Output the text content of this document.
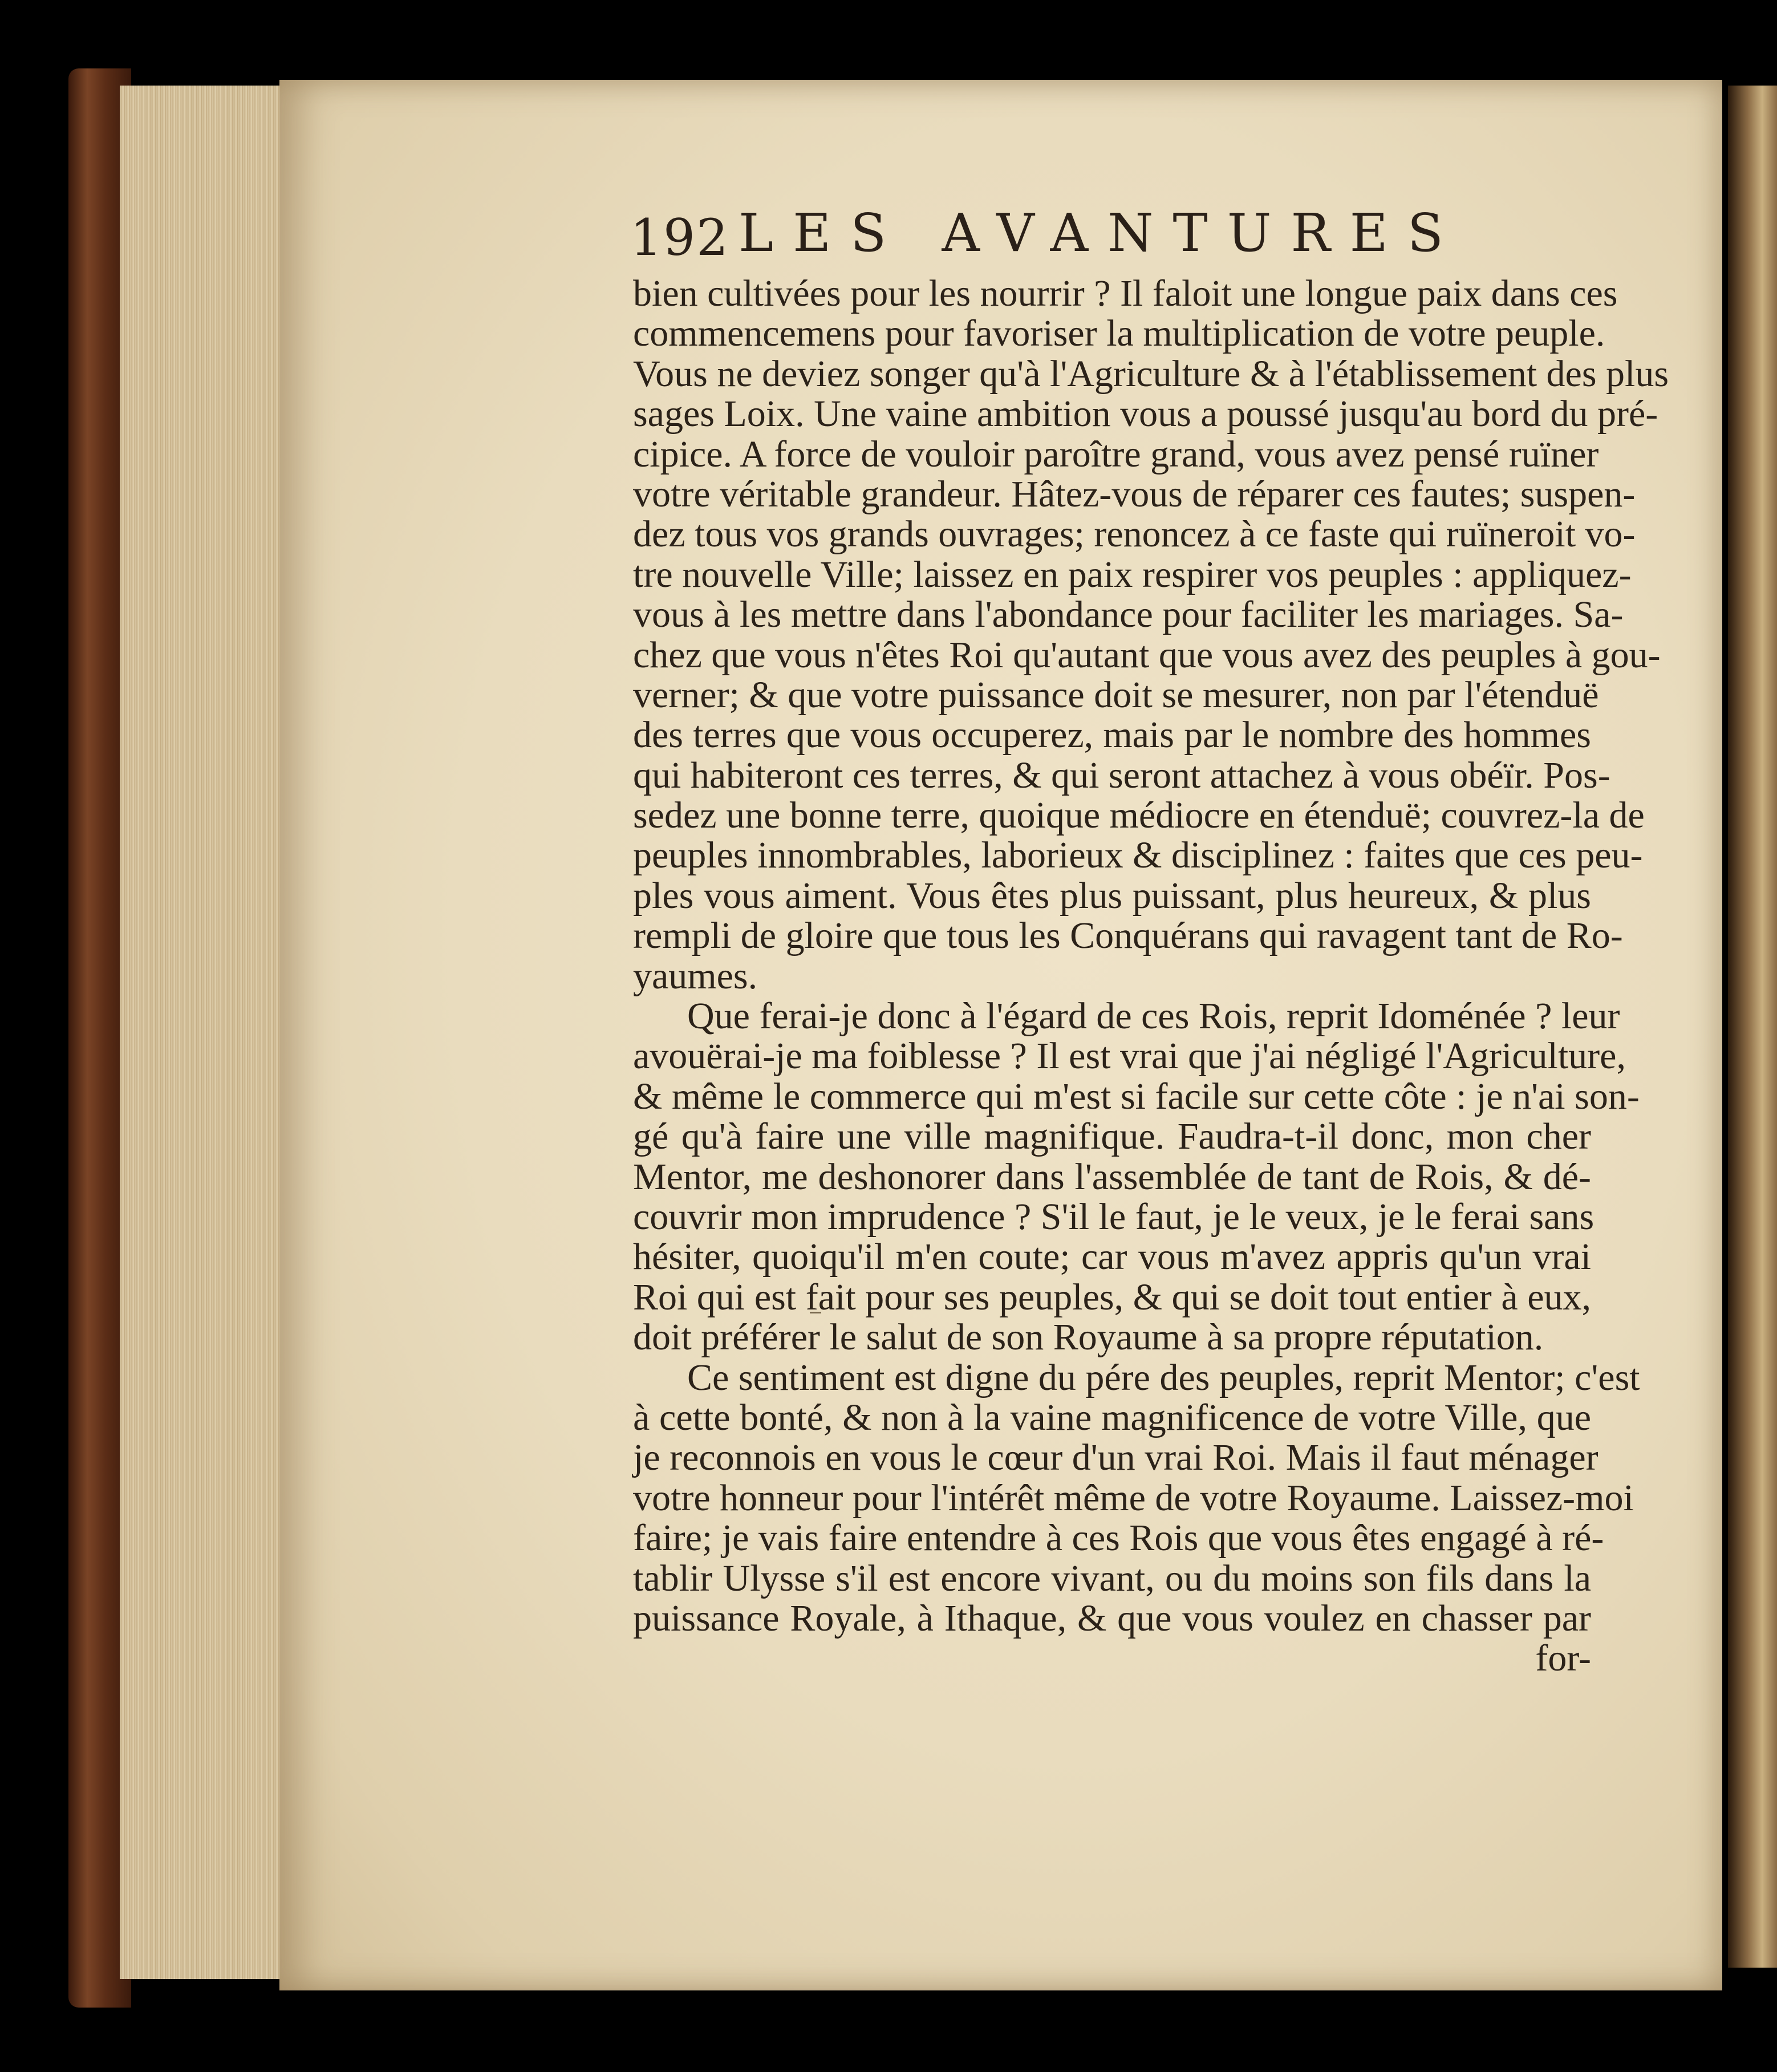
192 LES AVANTURES
bien cultivées pour les nourrir ? Il faloit une longue paix dans ces
commencemens pour favoriser la multiplication de votre peuple.
Vous ne deviez songer qu'à l'Agriculture & à l'établissement des plus
sages Loix. Une vaine ambition vous a poussé jusqu'au bord du pré-
cipice. A force de vouloir paroître grand, vous avez pensé ruïner
votre véritable grandeur. Hâtez-vous de réparer ces fautes; suspen-
dez tous vos grands ouvrages; renoncez à ce faste qui ruïneroit vo-
tre nouvelle Ville; laissez en paix respirer vos peuples : appliquez-
vous à les mettre dans l'abondance pour faciliter les mariages. Sa-
chez que vous n'êtes Roi qu'autant que vous avez des peuples à gou-
verner; & que votre puissance doit se mesurer, non par l'étenduë
des terres que vous occuperez, mais par le nombre des hommes
qui habiteront ces terres, & qui seront attachez à vous obéïr. Pos-
sedez une bonne terre, quoique médiocre en étenduë; couvrez-la de
peuples innombrables, laborieux & disciplinez : faites que ces peu-
ples vous aiment. Vous êtes plus puissant, plus heureux, & plus
rempli de gloire que tous les Conquérans qui ravagent tant de Ro-
yaumes.
Que ferai-je donc à l'égard de ces Rois, reprit Idoménée ? leur
avouërai-je ma foiblesse ? Il est vrai que j'ai négligé l'Agriculture,
& même le commerce qui m'est si facile sur cette côte : je n'ai son-
gé qu'à faire une ville magnifique. Faudra-t-il donc, mon cher
Mentor, me deshonorer dans l'assemblée de tant de Rois, & dé-
couvrir mon imprudence ? S'il le faut, je le veux, je le ferai sans
hésiter, quoiqu'il m'en coute; car vous m'avez appris qu'un vrai
Roi qui est fait pour ses peuples, & qui se doit tout entier à eux,
doit préférer le salut de son Royaume à sa propre réputation.
Ce sentiment est digne du pére des peuples, reprit Mentor; c'est
à cette bonté, & non à la vaine magnificence de votre Ville, que
je reconnois en vous le cœur d'un vrai Roi. Mais il faut ménager
votre honneur pour l'intérêt même de votre Royaume. Laissez-moi
faire; je vais faire entendre à ces Rois que vous êtes engagé à ré-
tablir Ulysse s'il est encore vivant, ou du moins son fils dans la
puissance Royale, à Ithaque, & que vous voulez en chasser par
for-
